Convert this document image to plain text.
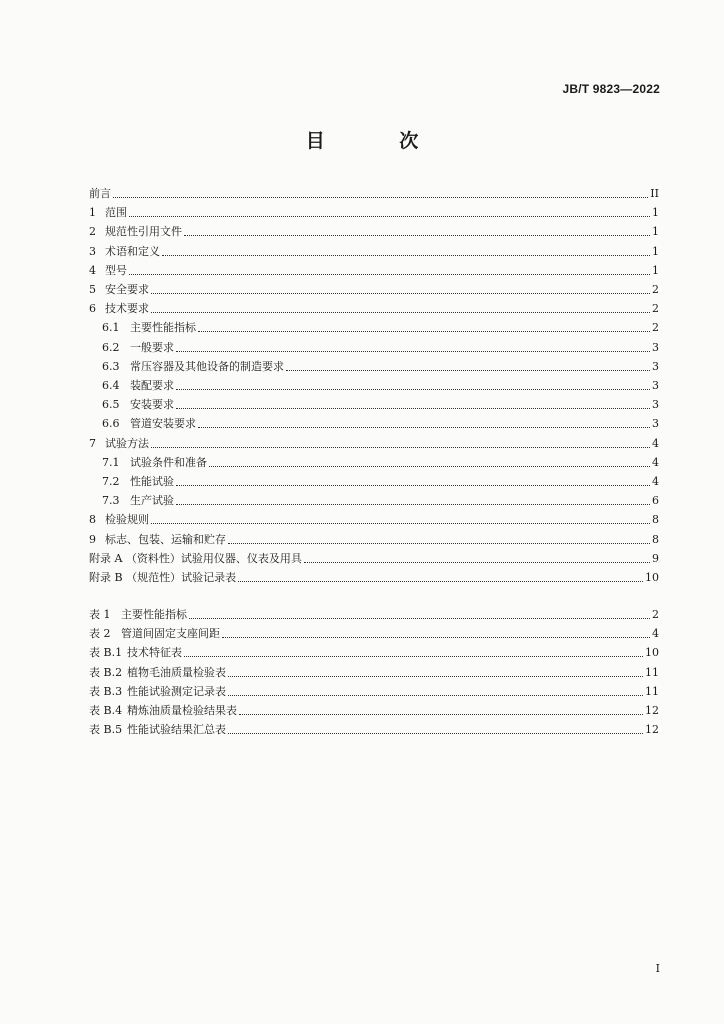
JB/T 9823—2022
目 次
前言	II
1 范围	1
2 规范性引用文件	1
3 术语和定义	1
4 型号	1
5 安全要求	2
6 技术要求	2
6.1 主要性能指标	2
6.2 一般要求	3
6.3 常压容器及其他设备的制造要求	3
6.4 装配要求	3
6.5 安装要求	3
6.6 管道安装要求	3
7 试验方法	4
7.1 试验条件和准备	4
7.2 性能试验	4
7.3 生产试验	6
8 检验规则	8
9 标志、包装、运输和贮存	8
附录 A （资料性）试验用仪器、仪表及用具	9
附录 B （规范性）试验记录表	10
表 1 主要性能指标	2
表 2 管道间固定支座间距	4
表 B.1 技术特征表	10
表 B.2 植物毛油质量检验表	11
表 B.3 性能试验测定记录表	11
表 B.4 精炼油质量检验结果表	12
表 B.5 性能试验结果汇总表	12
I
